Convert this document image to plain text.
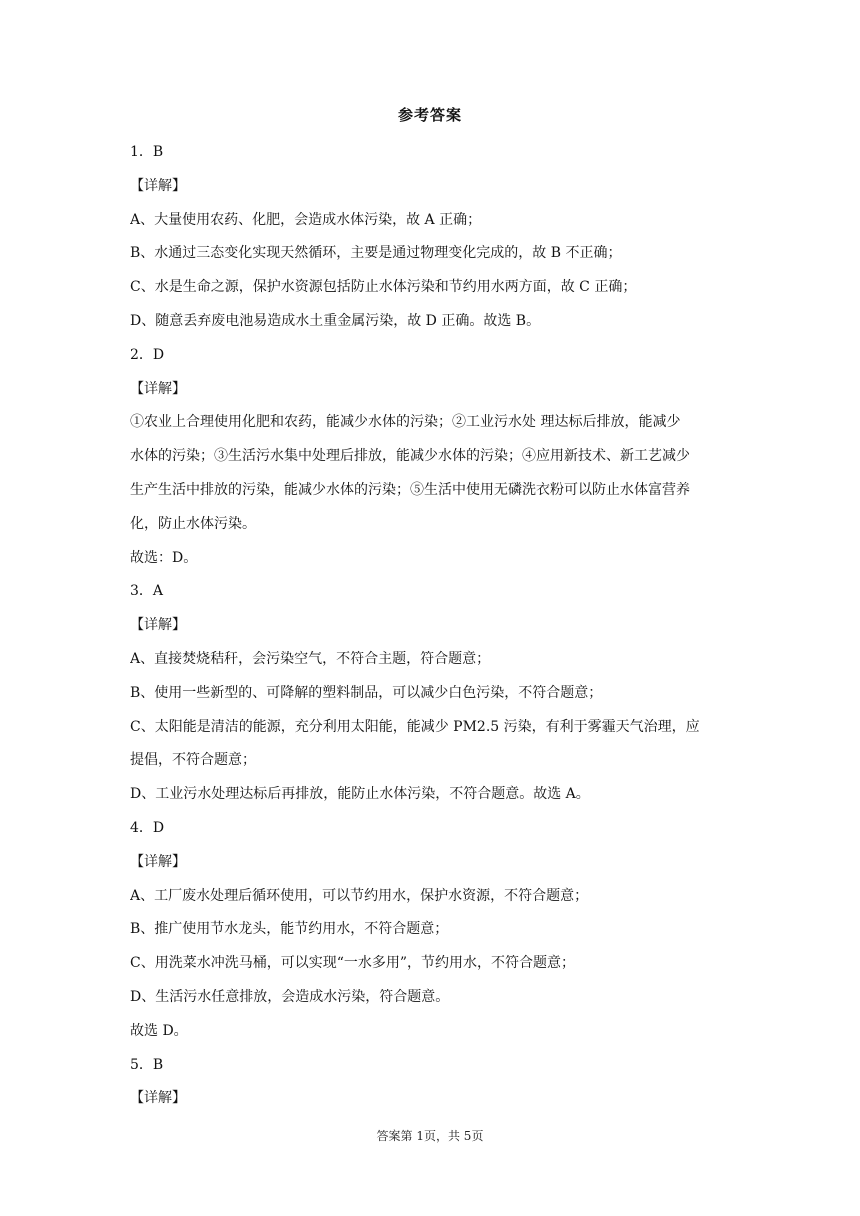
参考答案
1．B
【详解】
A、大量使用农药、化肥，会造成水体污染，故 A 正确；
B、水通过三态变化实现天然循环，主要是通过物理变化完成的，故 B 不正确；
C、水是生命之源，保护水资源包括防止水体污染和节约用水两方面，故 C 正确；
D、随意丢弃废电池易造成水土重金属污染，故 D 正确。故选 B。
2．D
【详解】
①农业上合理使用化肥和农药，能减少水体的污染；②工业污水处 理达标后排放，能减少
水体的污染；③生活污水集中处理后排放，能减少水体的污染；④应用新技术、新工艺减少
生产生活中排放的污染，能减少水体的污染；⑤生活中使用无磷洗衣粉可以防止水体富营养
化，防止水体污染。
故选：D。
3．A
【详解】
A、直接焚烧秸秆，会污染空气，不符合主题，符合题意；
B、使用一些新型的、可降解的塑料制品，可以减少白色污染，不符合题意；
C、太阳能是清洁的能源，充分利用太阳能，能减少 PM2.5 污染，有利于雾霾天气治理，应
提倡，不符合题意；
D、工业污水处理达标后再排放，能防止水体污染，不符合题意。故选 A。
4．D
【详解】
A、工厂废水处理后循环使用，可以节约用水，保护水资源，不符合题意；
B、推广使用节水龙头，能节约用水，不符合题意；
C、用洗菜水冲洗马桶，可以实现“一水多用”，节约用水，不符合题意；
D、生活污水任意排放，会造成水污染，符合题意。
故选 D。
5．B
【详解】
答案第 1页，共 5页
